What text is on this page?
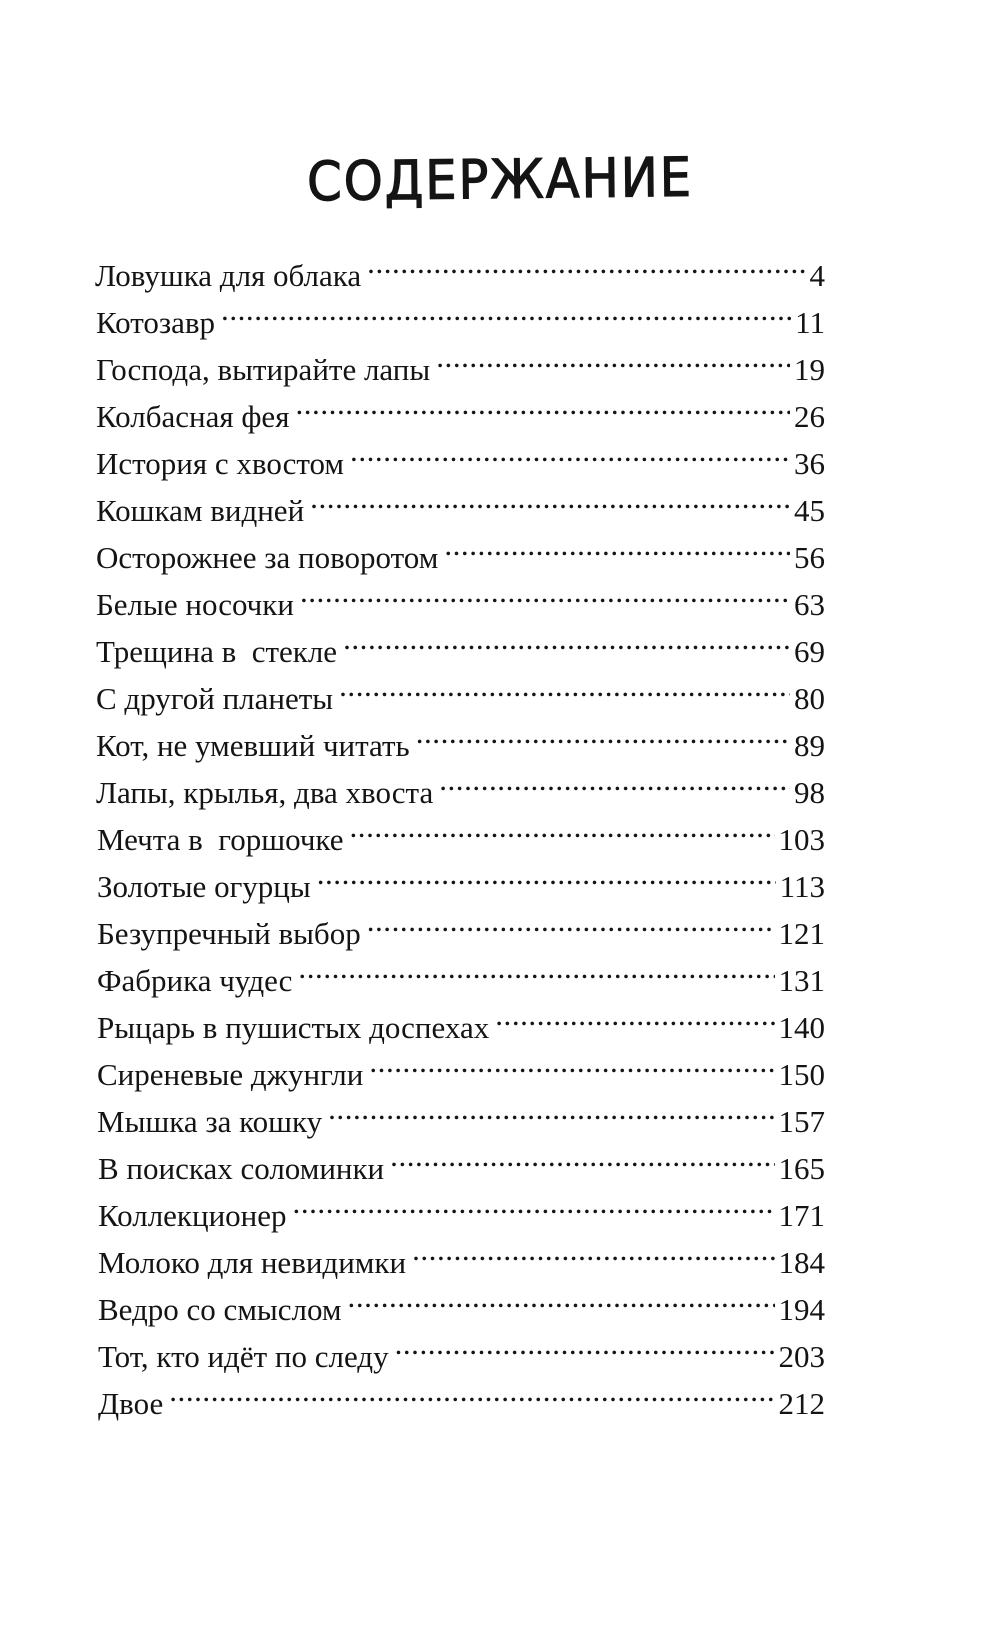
СОДЕРЖАНИЕ
Ловушка для облака . . .	4
Котозавр . . .	11
Господа, вытирайте лапы . . .	19
Колбасная фея . . .	26
История с хвостом . . .	36
Кошкам видней . . .	45
Осторожнее за поворотом . . .	56
Белые носочки . . .	63
Трещина в  стекле . . .	69
С другой планеты . . .	80
Кот, не умевший читать . . .	89
Лапы, крылья, два хвоста . . .	98
Мечта в  горшочке . . .	103
Золотые огурцы . . .	113
Безупречный выбор . . .	121
Фабрика чудес . . .	131
Рыцарь в пушистых доспехах . . .	140
Сиреневые джунгли . . .	150
Мышка за кошку . . .	157
В поисках соломинки . . .	165
Коллекционер . . .	171
Молоко для невидимки . . .	184
Ведро со смыслом . . .	194
Тот, кто идёт по следу . . .	203
Двое . . .	212
